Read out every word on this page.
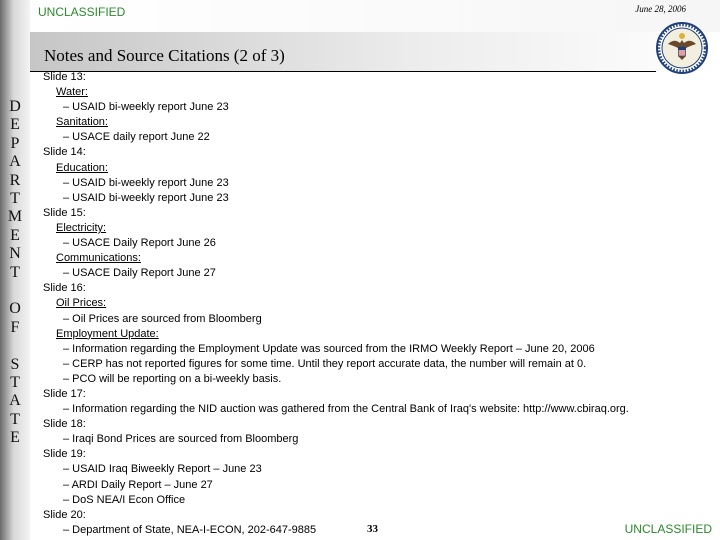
UNCLASSIFIED	June 28, 2006
Notes and Source Citations (2 of 3)
D
E
P
A
R
T
M
E
N
T
O
F
S
T
A
T
E
Slide 13:
Water:
– USAID bi-weekly report June 23
Sanitation:
– USACE daily report June 22
Slide 14:
Education:
– USAID bi-weekly report June 23
– USAID bi-weekly report June 23
Slide 15:
Electricity:
– USACE Daily Report June 26
Communications:
– USACE Daily Report June 27
Slide 16:
Oil Prices:
– Oil Prices are sourced from Bloomberg
Employment Update:
– Information regarding the Employment Update was sourced from the IRMO Weekly Report – June 20, 2006
– CERP has not reported figures for some time. Until they report accurate data, the number will remain at 0.
– PCO will be reporting on a bi-weekly basis.
Slide 17:
– Information regarding the NID auction was gathered from the Central Bank of Iraq's website: http://www.cbiraq.org.
Slide 18:
– Iraqi Bond Prices are sourced from Bloomberg
Slide 19:
– USAID Iraq Biweekly Report – June 23
– ARDI Daily Report – June 27
– DoS NEA/I Econ Office
Slide 20:
– Department of State, NEA-I-ECON, 202-647-9885	33	UNCLASSIFIED
